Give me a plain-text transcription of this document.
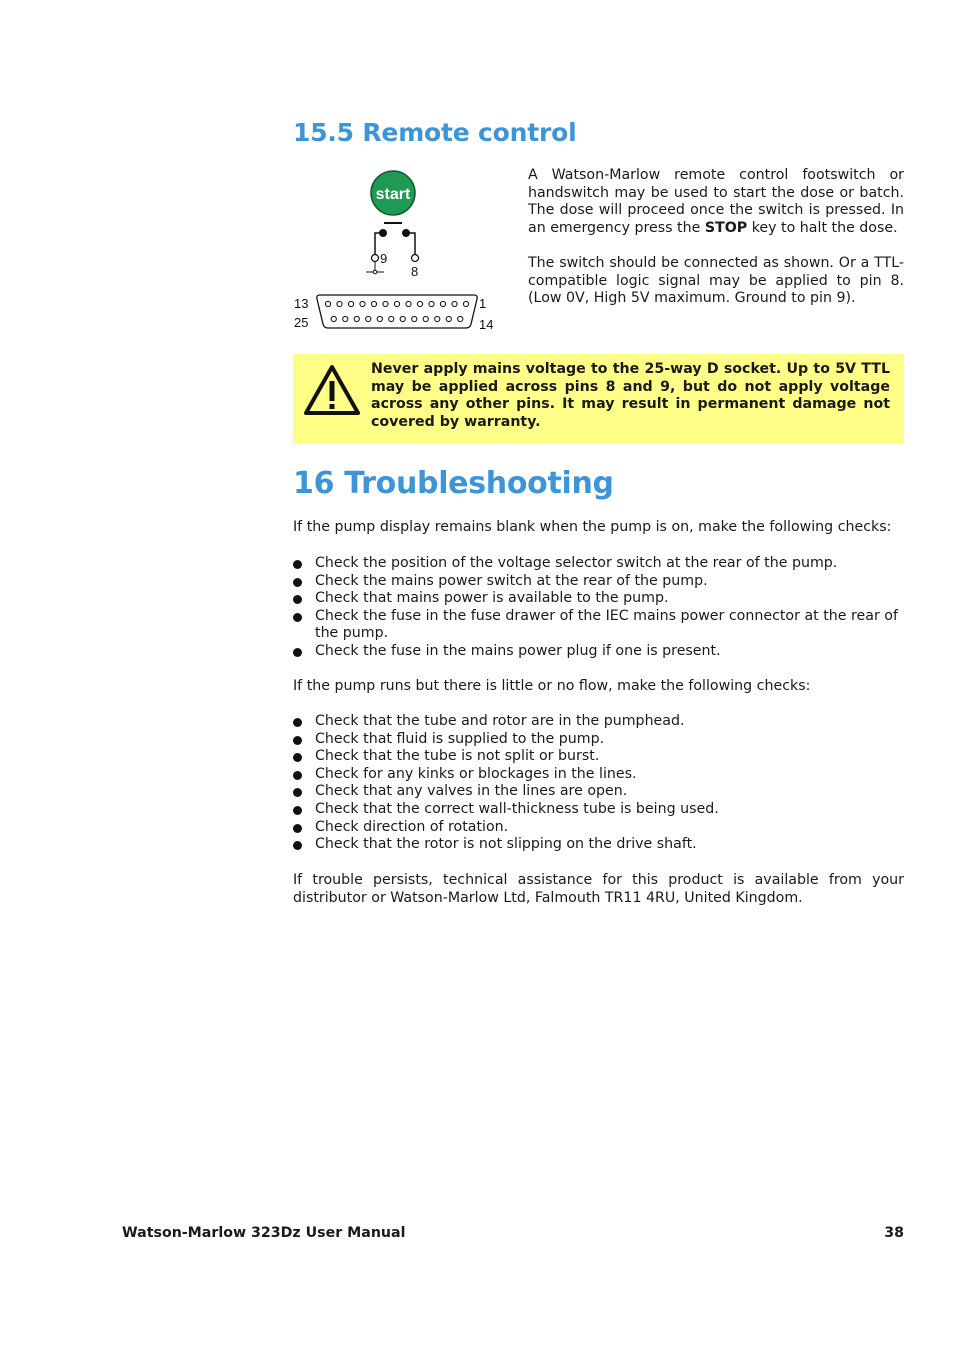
15.5 Remote control
start
9
8
13	1
25	14

A Watson-Marlow remote control footswitch or handswitch may be used to start the dose or batch. The dose will proceed once the switch is pressed. In an emergency press the STOP key to halt the dose.

The switch should be connected as shown. Or a TTL-compatible logic signal may be applied to pin 8. (Low 0V, High 5V maximum. Ground to pin 9).

Never apply mains voltage to the 25-way D socket. Up to 5V TTL may be applied across pins 8 and 9, but do not apply voltage across any other pins. It may result in permanent damage not covered by warranty.

16 Troubleshooting

If the pump display remains blank when the pump is on, make the following checks:

Check the position of the voltage selector switch at the rear of the pump.
Check the mains power switch at the rear of the pump.
Check that mains power is available to the pump.
Check the fuse in the fuse drawer of the IEC mains power connector at the rear of the pump.
Check the fuse in the mains power plug if one is present.

If the pump runs but there is little or no flow, make the following checks:

Check that the tube and rotor are in the pumphead.
Check that fluid is supplied to the pump.
Check that the tube is not split or burst.
Check for any kinks or blockages in the lines.
Check that any valves in the lines are open.
Check that the correct wall-thickness tube is being used.
Check direction of rotation.
Check that the rotor is not slipping on the drive shaft.

If trouble persists, technical assistance for this product is available from your distributor or Watson-Marlow Ltd, Falmouth TR11 4RU, United Kingdom.

Watson-Marlow 323Dz User Manual	38
